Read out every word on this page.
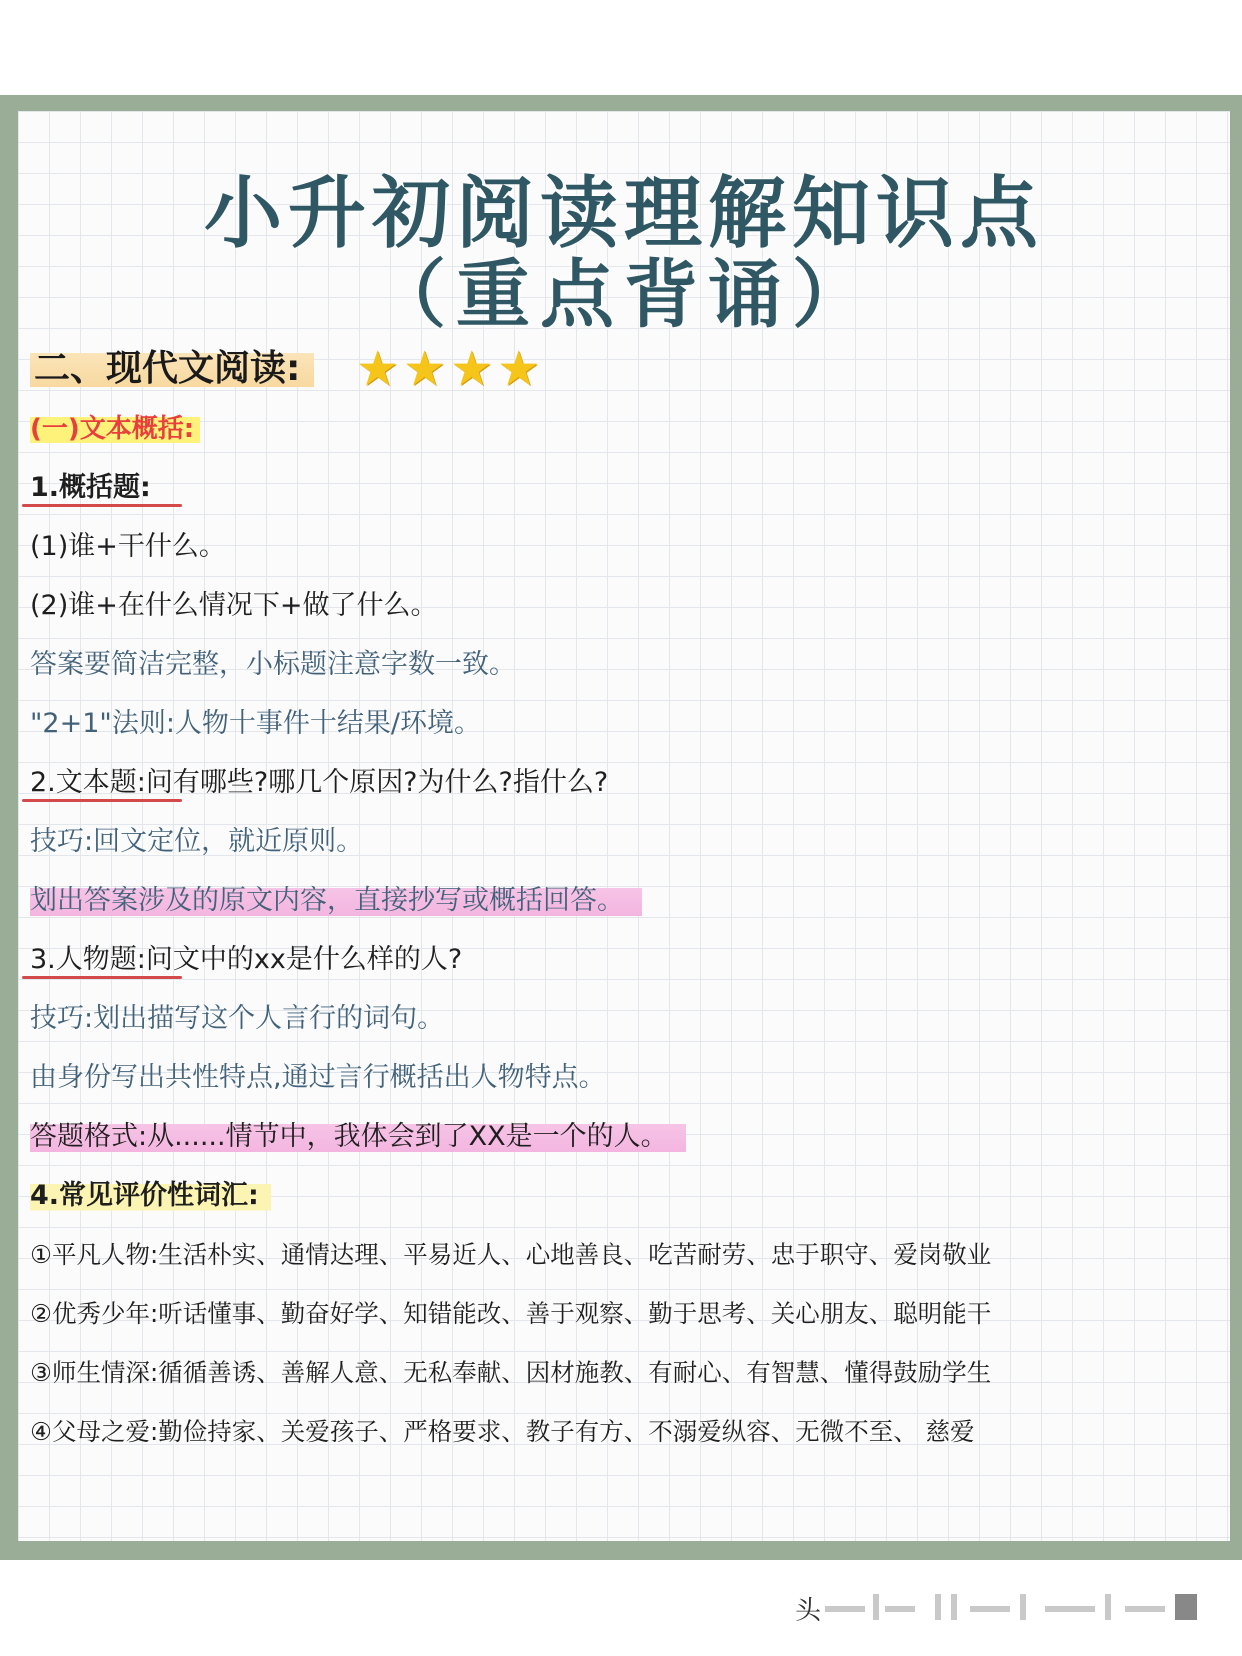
小升初阅读理解知识点
（重点背诵）
二、现代文阅读: ★★★★
(一)文本概括:
1.概括题:
(1)谁+干什么。
(2)谁+在什么情况下+做了什么。
答案要简洁完整，小标题注意字数一致。
"2+1"法则:人物十事件十结果/环境。
2.文本题:问有哪些?哪几个原因?为什么?指什么?
技巧:回文定位，就近原则。
划出答案涉及的原文内容，直接抄写或概括回答。
3.人物题:问文中的xx是什么样的人?
技巧:划出描写这个人言行的词句。
由身份写出共性特点,通过言行概括出人物特点。
答题格式:从......情节中，我体会到了XX是一个的人。
4.常见评价性词汇:
①平凡人物:生活朴实、通情达理、平易近人、心地善良、吃苦耐劳、忠于职守、爱岗敬业
②优秀少年:听话懂事、勤奋好学、知错能改、善于观察、勤于思考、关心朋友、聪明能干
③师生情深:循循善诱、善解人意、无私奉献、因材施教、有耐心、有智慧、懂得鼓励学生
④父母之爱:勤俭持家、关爱孩子、严格要求、教子有方、不溺爱纵容、无微不至、 慈爱
头
